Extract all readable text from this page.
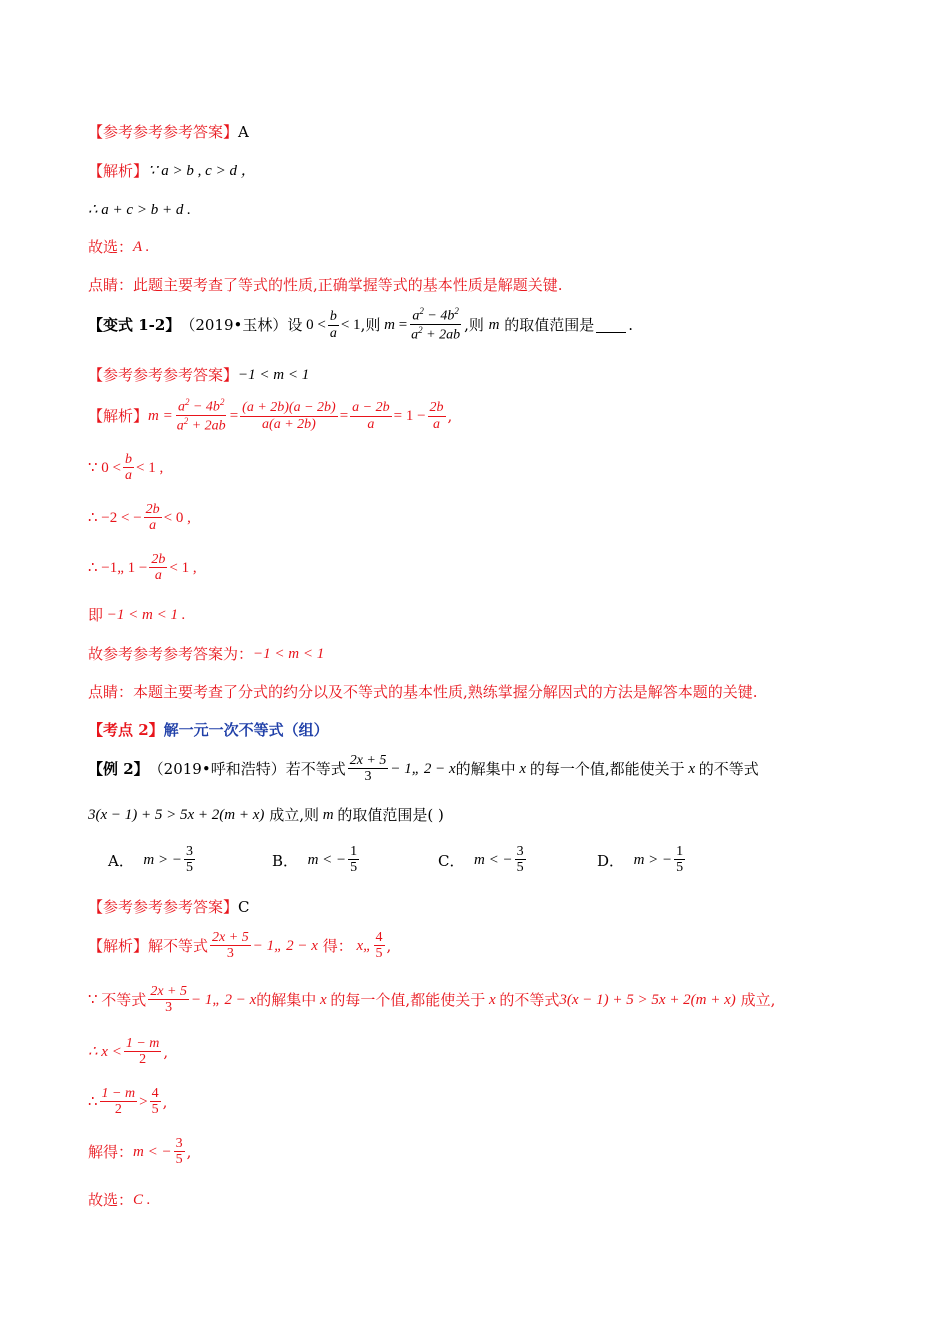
【参考参考参考答案】 A
【解析】 ∵ a > b , c > d ，
∴ a + c > b + d .
故选： A .
点睛： 此题主要考查了等式的性质,正确掌握等式的基本性质是解题关键.
【变式 1-2】 （2019•玉林） 设 $0 < \frac{b}{a} < 1$ ,则 $m = \frac{a^2 - 4b^2}{a^2 + 2ab}$ ,则 m
的取值范围是 .
【参考参考参考答案】 −1 < m < 1
【解析】 $m = \frac{a^2 - 4b^2}{a^2 + 2ab} = \frac{(a + 2b)(a - 2b)}{a(a + 2b)} = \frac{a - 2b}{a} = 1 - \frac{2b}{a}$ ,
∵ $0 < \frac{b}{a} < 1$ ,
∴ −2 < − $\frac{2b}{a} < 0$ ,
∴ −1„ $1 - \frac{2b}{a} < 1$ ,
即 −1 < m < 1 .
故参考参考参考答案为： −1 < m < 1
点睛： 本题主要考查了分式的约分以及不等式的基本性质,熟练掌握分解因式的方法是解答本题的关键.
【考点 2】 解一元一次不等式（组）
【例 2】 （2019•呼和浩特） 若不等式 $\frac{2x + 5}{3}$ − 1„ 2 − x 的解集中 x 的每一个值,都能使关于 x 的不等式
3(x − 1) + 5 > 5x + 2(m + x)
成立,则 m 的取值范围是 ( )
A．
m > − $\frac{3}{5}$	B．
m < − $\frac{1}{5}$	C．
m < − $\frac{3}{5}$	D．
m > − $\frac{1}{5}$
【参考参考参考答案】 C
【解析】 解不等式 $\frac{2x + 5}{3}$ − 1„ 2 − x
得： x„ $\frac{4}{5}$ ,
∵ 不等式 $\frac{2x + 5}{3}$ − 1„ 2 − x 的解集中 x 的每一个值,都能使关于 x 的不等式 3(x − 1) + 5 > 5x + 2(m + x)
成立,
∴ $x < \frac{1 - m}{2}$ ,
∴ $\frac{1 - m}{2} > \frac{4}{5}$ ,
解得： m < − $\frac{3}{5}$ ,
故选： C .
